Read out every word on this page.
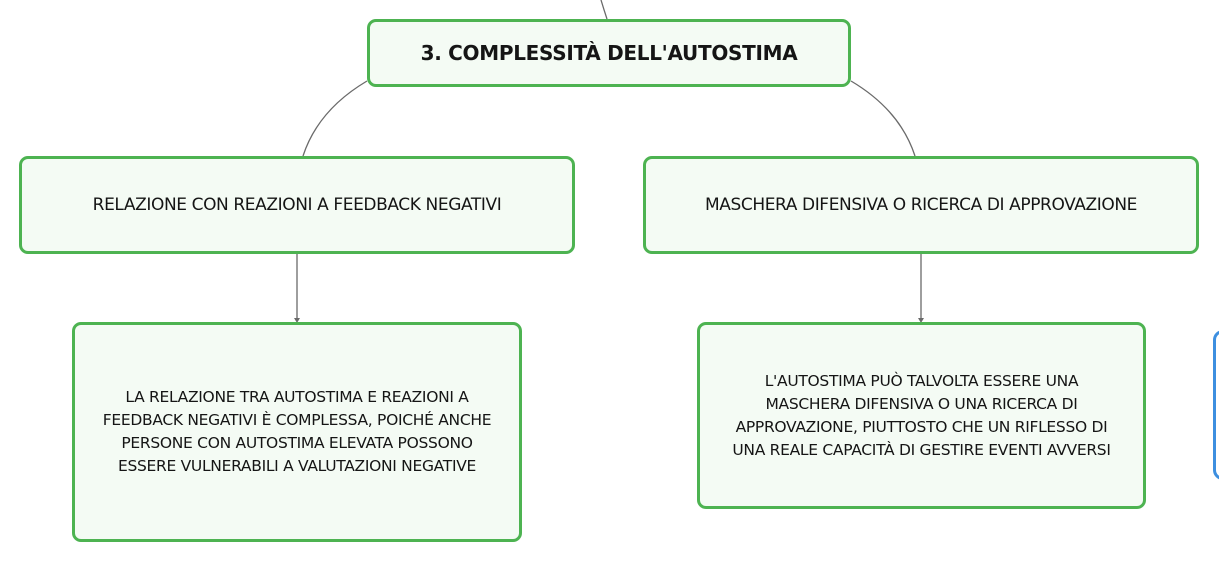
3. COMPLESSITÀ DELL'AUTOSTIMA
RELAZIONE CON REAZIONI A FEEDBACK NEGATIVI	MASCHERA DIFENSIVA O RICERCA DI APPROVAZIONE
LA RELAZIONE TRA AUTOSTIMA E REAZIONI A
FEEDBACK NEGATIVI È COMPLESSA, POICHÉ ANCHE
PERSONE CON AUTOSTIMA ELEVATA POSSONO
ESSERE VULNERABILI A VALUTAZIONI NEGATIVE
L'AUTOSTIMA PUÒ TALVOLTA ESSERE UNA
MASCHERA DIFENSIVA O UNA RICERCA DI
APPROVAZIONE, PIUTTOSTO CHE UN RIFLESSO DI
UNA REALE CAPACITÀ DI GESTIRE EVENTI AVVERSI
